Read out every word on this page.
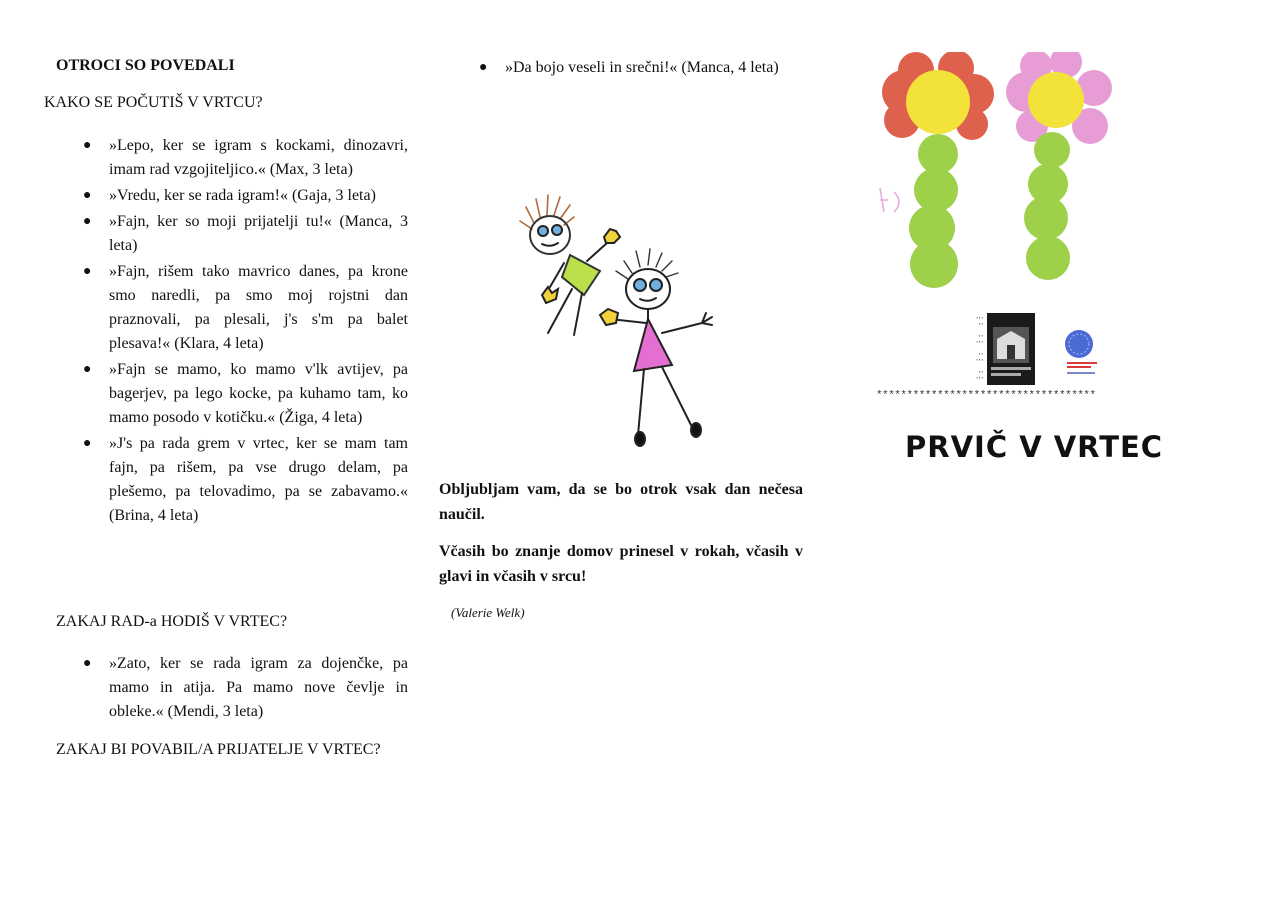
OTROCI SO POVEDALI
KAKO SE POČUTIŠ V VRTCU?
● »Lepo, ker se igram s kockami, dinozavri, imam rad vzgojiteljico.« (Max, 3 leta)
● »Vredu, ker se rada igram!« (Gaja, 3 leta)
● »Fajn, ker so moji prijatelji tu!« (Manca, 3 leta)
● »Fajn, rišem tako mavrico danes, pa krone smo naredli, pa smo moj rojstni dan praznovali, pa plesali, j's s'm pa balet plesava!« (Klara, 4 leta)
● »Fajn se mamo, ko mamo v'lk avtijev, pa bagerjev, pa lego kocke, pa kuhamo tam, ko mamo posodo v kotičku.« (Žiga, 4 leta)
● »J's pa rada grem v vrtec, ker se mam tam fajn, pa rišem, pa vse drugo delam, pa plešemo, pa telovadimo, pa se zabavamo.« (Brina, 4 leta)
ZAKAJ RAD-a HODIŠ V VRTEC?
● »Zato, ker se rada igram za dojenčke, pa mamo in atija. Pa mamo nove čevlje in obleke.« (Mendi, 3 leta)
ZAKAJ BI POVABIL/A PRIJATELJE V VRTEC?
● »Da bojo veseli in srečni!« (Manca, 4 leta)
Obljubljam vam, da se bo otrok vsak dan nečesa naučil.
Včasih bo znanje domov prinesel v rokah, včasih v glavi in včasih v srcu!
(Valerie Welk)
▪ ▪ ▪
▪ ▪

▪ ▪
▪ ▪ ▪

▪ ▪
▪ ▪ ▪

▪ ▪
▪ ▪ ▪
************************************
PRVIČ V VRTEC
